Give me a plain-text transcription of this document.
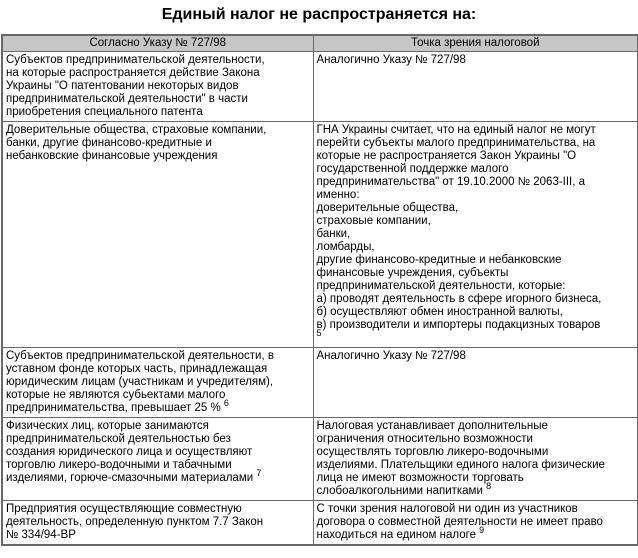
Единый налог не распространяется на:
Согласно Указу № 727/98	Точка зрения налоговой
Субъектов предпринимательской деятельности,
на которые распространяется действие Закона
Украины "О патентовании некоторых видов
предпринимательской деятельности" в части
приобретения специального патента	Аналогично Указу № 727/98
Доверительные общества, страховые компании,
банки, другие финансово-кредитные и
небанковские финансовые учреждения	ГНА Украины считает, что на единый налог не могут
перейти субъекты малого предпринимательства, на
которые не распространяется Закон Украины "О
государственной поддержке малого
предпринимательства" от 19.10.2000 № 2063-III, а
именно:
доверительные общества,
страховые компании,
банки,
ломбарды,
другие финансово-кредитные и небанковские
финансовые учреждения, субъекты
предпринимательской деятельности, которые:
а) проводят деятельность в сфере игорного бизнеса,
б) осуществляют обмен иностранной валюты,
в) производители и импортеры подакцизных товаров
$^5$
Субъектов предпринимательской деятельности, в
уставном фонде которых часть, принадлежащая
юридическим лицам (участникам и учредителям),
которые не являются субьектами малого
предпринимательства, превышает 25 % $^6$	Аналогично Указу № 727/98
Физических лиц, которые занимаются
предпринимательской деятельностью без
создания юридического лица и осуществляют
торговлю ликеро-водочными и табачными
изделиями, горюче-смазочными материалами $^7$	Налоговая устанавливает дополнительные
ограничения относительно возможности
осуществлять торговлю ликеро-водочными
изделиями. Плательщики единого налога физические
лица не имеют возможности торговать
слобоалкогольними напитками $^8$
Предприятия осуществляющие совместную
деятельность, определенную пунктом 7.7 Закон
№ 334/94-ВР	С точки зрения налоговой ни один из участников
договора о совместной деятельности не имеет право
находиться на едином налоге $^9$
